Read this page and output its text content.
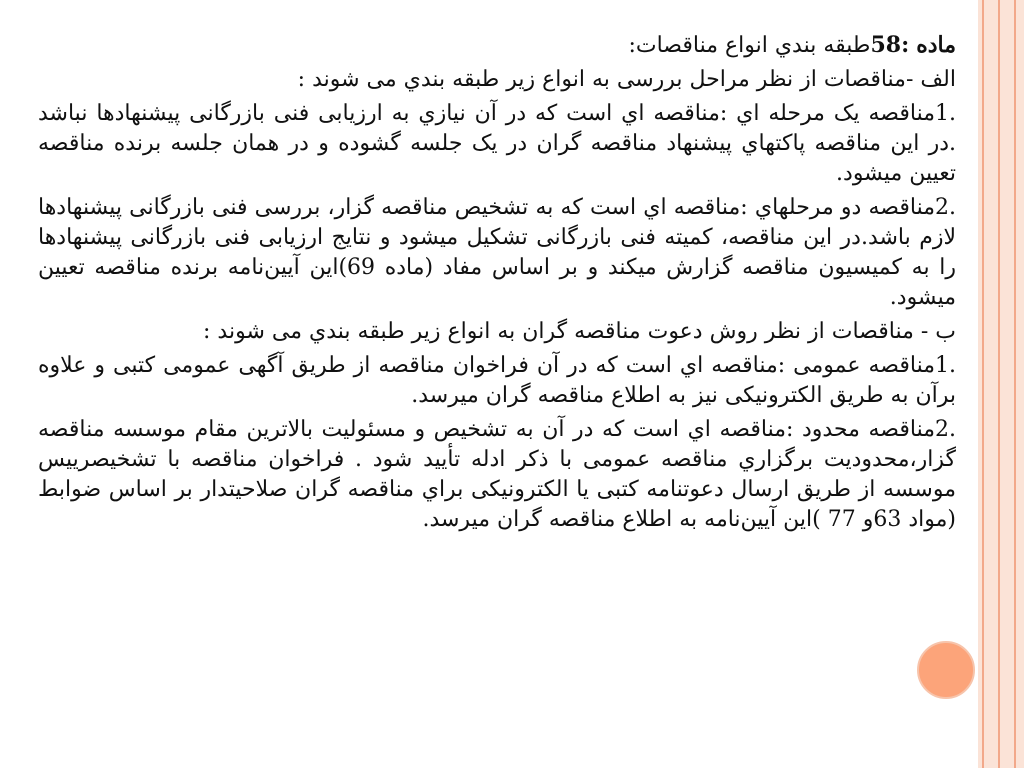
ماده :58طبقه بندي انواع مناقصات:

الف -مناقصات از نظر مراحل بررسی به انواع زير طبقه بندي می شوند :

.1مناقصه یک مرحله اي :مناقصه اي است كه در آن نيازي به ارزيابی فنی بازرگانی پيشنهادها نباشد .در اين مناقصه پاكتهاي پيشنهاد مناقصه گران در یک جلسه گشوده و در همان جلسه برنده مناقصه تعيين ميشود.

.2مناقصه دو مرحلهاي :مناقصه اي است كه به تشخيص مناقصه گزار، بررسی فنی بازرگانی پيشنهادها لازم باشد.در اين مناقصه، كميته فنی بازرگانی تشكيل ميشود و نتايج ارزيابی فنی بازرگانی پيشنهادها را به كميسيون مناقصه گزارش ميكند و بر اساس مفاد (ماده 69)اين آيين‌نامه برنده مناقصه تعيين ميشود.

ب - مناقصات از نظر روش دعوت مناقصه گران به انواع زير طبقه بندي می شوند :

.1مناقصه عمومی :مناقصه اي است كه در آن فراخوان مناقصه از طريق آگهی عمومی كتبی و علاوه برآن به طريق الكترونيكی نيز به اطلاع مناقصه گران ميرسد.

.2مناقصه محدود :مناقصه اي است كه در آن به تشخيص و مسئوليت بالاترين مقام موسسه مناقصه گزار،محدوديت برگزاري مناقصه عمومی با ذكر ادله تأييد شود . فراخوان مناقصه با تشخيصرييس موسسه از طريق ارسال دعوتنامه كتبی يا الكترونيكی براي مناقصه گران صلاحيتدار بر اساس ضوابط (مواد 63و 77 )اين آيين‌نامه به اطلاع مناقصه گران ميرسد.
